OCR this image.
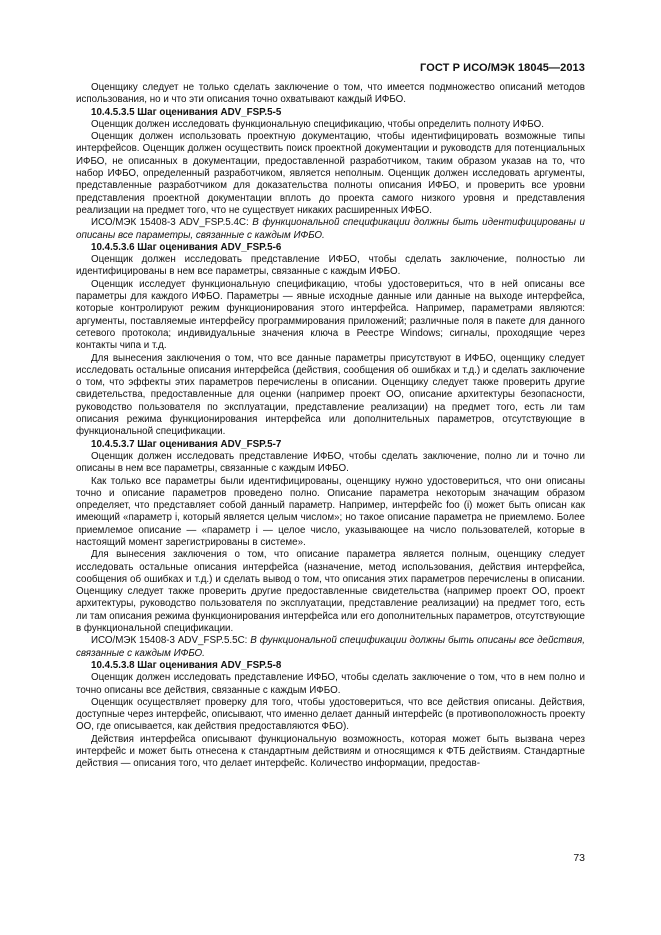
ГОСТ Р ИСО/МЭК 18045—2013
Оценщику следует не только сделать заключение о том, что имеется подмножество описаний методов использования, но и что эти описания точно охватывают каждый ИФБО.
10.4.5.3.5 Шаг оценивания ADV_FSP.5-5
Оценщик должен исследовать функциональную спецификацию, чтобы определить полноту ИФБО.
Оценщик должен использовать проектную документацию, чтобы идентифицировать возможные типы интерфейсов. Оценщик должен осуществить поиск проектной документации и руководств для потенциальных ИФБО, не описанных в документации, предоставленной разработчиком, таким образом указав на то, что набор ИФБО, определенный разработчиком, является неполным. Оценщик должен исследовать аргументы, представленные разработчиком для доказательства полноты описания ИФБО, и проверить все уровни представления проектной документации вплоть до проекта самого низкого уровня и представления реализации на предмет того, что не существует никаких расширенных ИФБО.
ИСО/МЭК 15408-3 ADV_FSP.5.4C: В функциональной спецификации должны быть идентифицированы и описаны все параметры, связанные с каждым ИФБО.
10.4.5.3.6 Шаг оценивания ADV_FSP.5-6
Оценщик должен исследовать представление ИФБО, чтобы сделать заключение, полностью ли идентифицированы в нем все параметры, связанные с каждым ИФБО.
Оценщик исследует функциональную спецификацию, чтобы удостовериться, что в ней описаны все параметры для каждого ИФБО. Параметры — явные исходные данные или данные на выходе интерфейса, которые контролируют режим функционирования этого интерфейса. Например, параметрами являются: аргументы, поставляемые интерфейсу программирования приложений; различные поля в пакете для данного сетевого протокола; индивидуальные значения ключа в Реестре Windows; сигналы, проходящие через контакты чипа и т.д.
Для вынесения заключения о том, что все данные параметры присутствуют в ИФБО, оценщику следует исследовать остальные описания интерфейса (действия, сообщения об ошибках и т.д.) и сделать заключение о том, что эффекты этих параметров перечислены в описании. Оценщику следует также проверить другие свидетельства, предоставленные для оценки (например проект ОО, описание архитектуры безопасности, руководство пользователя по эксплуатации, представление реализации) на предмет того, есть ли там описания режима функционирования интерфейса или дополнительных параметров, отсутствующие в функциональной спецификации.
10.4.5.3.7 Шаг оценивания ADV_FSP.5-7
Оценщик должен исследовать представление ИФБО, чтобы сделать заключение, полно ли и точно ли описаны в нем все параметры, связанные с каждым ИФБО.
Как только все параметры были идентифицированы, оценщику нужно удостовериться, что они описаны точно и описание параметров проведено полно. Описание параметра некоторым значащим образом определяет, что представляет собой данный параметр. Например, интерфейс foo (i) может быть описан как имеющий «параметр i, который является целым числом»; но такое описание параметра не приемлемо. Более приемлемое описание — «параметр i — целое число, указывающее на число пользователей, которые в настоящий момент зарегистрированы в системе».
Для вынесения заключения о том, что описание параметра является полным, оценщику следует исследовать остальные описания интерфейса (назначение, метод использования, действия интерфейса, сообщения об ошибках и т.д.) и сделать вывод о том, что описания этих параметров перечислены в описании. Оценщику следует также проверить другие предоставленные свидетельства (например проект ОО, проект архитектуры, руководство пользователя по эксплуатации, представление реализации) на предмет того, есть ли там описания режима функционирования интерфейса или его дополнительных параметров, отсутствующие в функциональной спецификации.
ИСО/МЭК 15408-3 ADV_FSP.5.5C: В функциональной спецификации должны быть описаны все действия, связанные с каждым ИФБО.
10.4.5.3.8 Шаг оценивания ADV_FSP.5-8
Оценщик должен исследовать представление ИФБО, чтобы сделать заключение о том, что в нем полно и точно описаны все действия, связанные с каждым ИФБО.
Оценщик осуществляет проверку для того, чтобы удостовериться, что все действия описаны. Действия, доступные через интерфейс, описывают, что именно делает данный интерфейс (в противоположность проекту ОО, где описывается, как действия предоставляются ФБО).
Действия интерфейса описывают функциональную возможность, которая может быть вызвана через интерфейс и может быть отнесена к стандартным действиям и относящимся к ФТБ действиям. Стандартные действия — описания того, что делает интерфейс. Количество информации, предостав-
73
